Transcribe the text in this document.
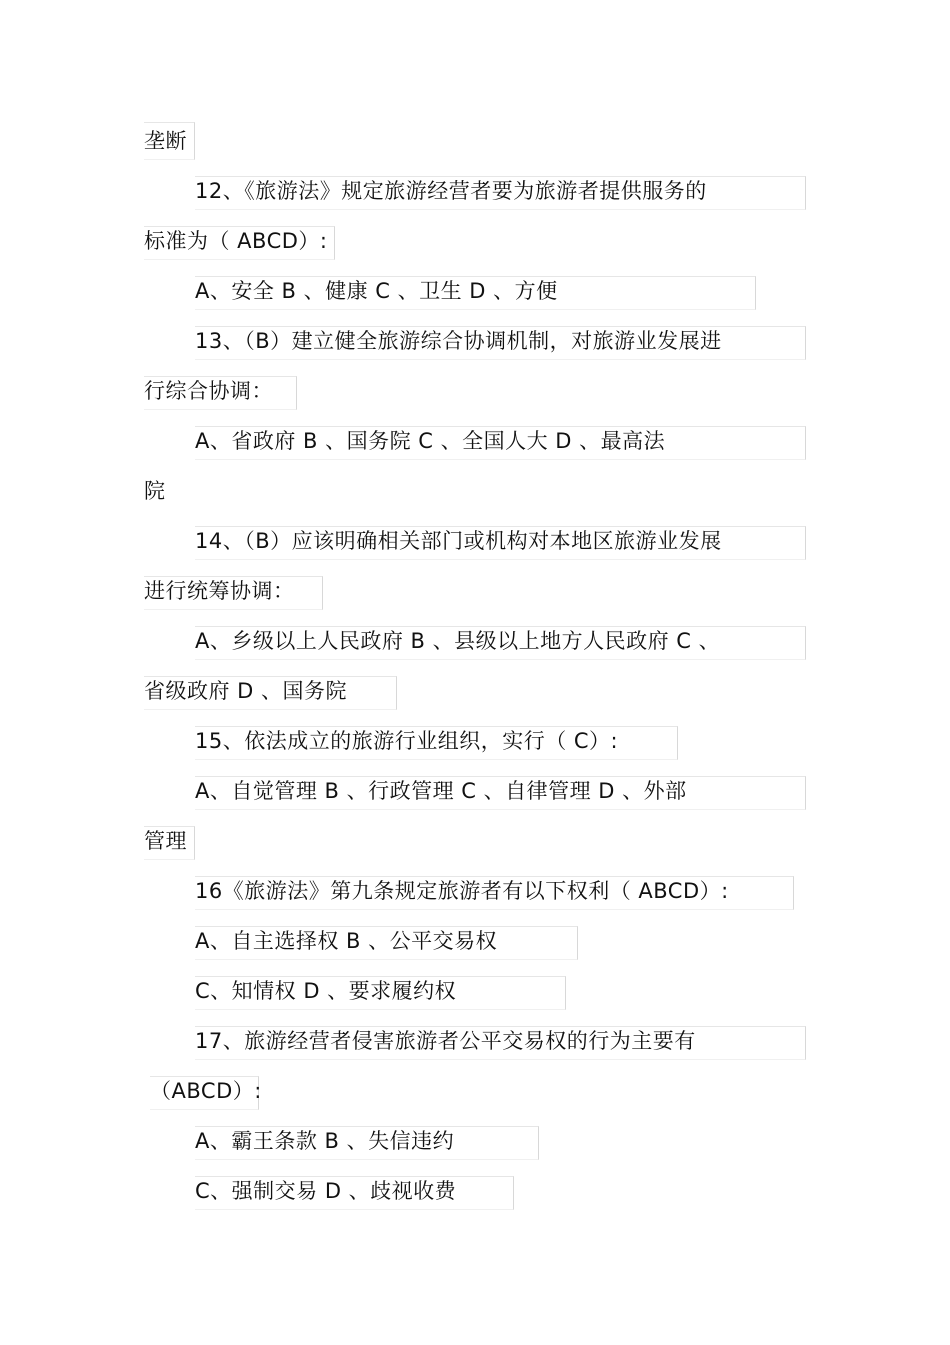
垄断
12、《旅游法》规定旅游经营者要为旅游者提供服务的
标准为（ ABCD）:
A、安全 B 、健康 C 、卫生 D 、方便
13、（B）建立健全旅游综合协调机制，对旅游业发展进
行综合协调：
A、省政府 B 、国务院 C 、全国人大 D 、最高法
院
14、（B）应该明确相关部门或机构对本地区旅游业发展
进行统筹协调：
A、乡级以上人民政府 B 、县级以上地方人民政府 C 、
省级政府 D 、国务院
15、依法成立的旅游行业组织，实行（ C）:
A、自觉管理 B 、行政管理 C 、自律管理 D 、外部
管理
16《旅游法》第九条规定旅游者有以下权利（ ABCD）:
A、自主选择权 B 、公平交易权
C、知情权 D 、要求履约权
17、旅游经营者侵害旅游者公平交易权的行为主要有
（ABCD）:
A、霸王条款 B 、失信违约
C、强制交易 D 、歧视收费
